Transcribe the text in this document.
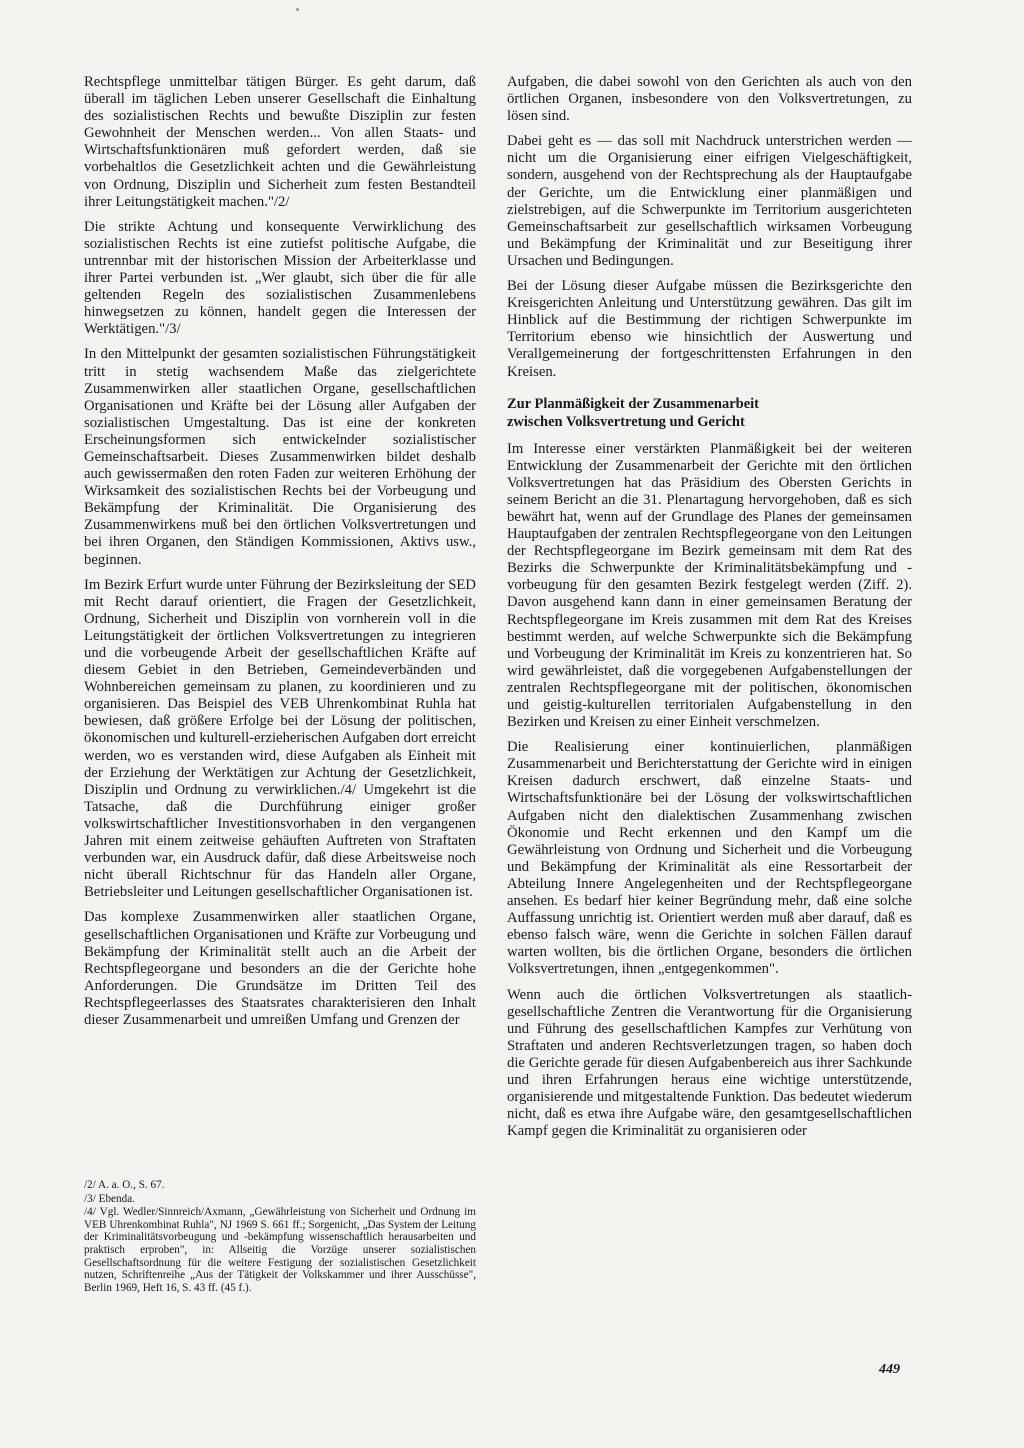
Rechtspflege unmittelbar tätigen Bürger. Es geht darum, daß überall im täglichen Leben unserer Gesellschaft die Einhaltung des sozialistischen Rechts und bewußte Disziplin zur festen Gewohnheit der Menschen werden... Von allen Staats- und Wirtschaftsfunktionären muß gefordert werden, daß sie vorbehaltlos die Gesetzlichkeit achten und die Gewährleistung von Ordnung, Disziplin und Sicherheit zum festen Bestandteil ihrer Leitungstätigkeit machen."/2/

Die strikte Achtung und konsequente Verwirklichung des sozialistischen Rechts ist eine zutiefst politische Aufgabe, die untrennbar mit der historischen Mission der Arbeiterklasse und ihrer Partei verbunden ist. „Wer glaubt, sich über die für alle geltenden Regeln des sozialistischen Zusammenlebens hinwegsetzen zu können, handelt gegen die Interessen der Werktätigen."/3/

In den Mittelpunkt der gesamten sozialistischen Führungstätigkeit tritt in stetig wachsendem Maße das zielgerichtete Zusammenwirken aller staatlichen Organe, gesellschaftlichen Organisationen und Kräfte bei der Lösung aller Aufgaben der sozialistischen Umgestaltung. Das ist eine der konkreten Erscheinungsformen sich entwickelnder sozialistischer Gemeinschaftsarbeit. Dieses Zusammenwirken bildet deshalb auch gewissermaßen den roten Faden zur weiteren Erhöhung der Wirksamkeit des sozialistischen Rechts bei der Vorbeugung und Bekämpfung der Kriminalität. Die Organisierung des Zusammenwirkens muß bei den örtlichen Volksvertretungen und bei ihren Organen, den Ständigen Kommissionen, Aktivs usw., beginnen.

Im Bezirk Erfurt wurde unter Führung der Bezirksleitung der SED mit Recht darauf orientiert, die Fragen der Gesetzlichkeit, Ordnung, Sicherheit und Disziplin von vornherein voll in die Leitungstätigkeit der örtlichen Volksvertretungen zu integrieren und die vorbeugende Arbeit der gesellschaftlichen Kräfte auf diesem Gebiet in den Betrieben, Gemeindeverbänden und Wohnbereichen gemeinsam zu planen, zu koordinieren und zu organisieren. Das Beispiel des VEB Uhrenkombinat Ruhla hat bewiesen, daß größere Erfolge bei der Lösung der politischen, ökonomischen und kulturell-erzieherischen Aufgaben dort erreicht werden, wo es verstanden wird, diese Aufgaben als Einheit mit der Erziehung der Werktätigen zur Achtung der Gesetzlichkeit, Disziplin und Ordnung zu verwirklichen./4/ Umgekehrt ist die Tatsache, daß die Durchführung einiger großer volkswirtschaftlicher Investitionsvorhaben in den vergangenen Jahren mit einem zeitweise gehäuften Auftreten von Straftaten verbunden war, ein Ausdruck dafür, daß diese Arbeitsweise noch nicht überall Richtschnur für das Handeln aller Organe, Betriebsleiter und Leitungen gesellschaftlicher Organisationen ist.

Das komplexe Zusammenwirken aller staatlichen Organe, gesellschaftlichen Organisationen und Kräfte zur Vorbeugung und Bekämpfung der Kriminalität stellt auch an die Arbeit der Rechtspflegeorgane und besonders an die der Gerichte hohe Anforderungen. Die Grundsätze im Dritten Teil des Rechtspflegeerlasses des Staatsrates charakterisieren den Inhalt dieser Zusammenarbeit und umreißen Umfang und Grenzen der

/2/ A. a. O., S. 67.

/3/ Ebenda.

/4/ Vgl. Wedler/Sinnreich/Axmann, „Gewährleistung von Sicherheit und Ordnung im VEB Uhrenkombinat Ruhla", NJ 1969 S. 661 ff.; Sorgenicht, „Das System der Leitung der Kriminalitätsvorbeugung und -bekämpfung wissenschaftlich herausarbeiten und praktisch erproben", in: Allseitig die Vorzüge unserer sozialistischen Gesellschaftsordnung für die weitere Festigung der sozialistischen Gesetzlichkeit nutzen, Schriftenreihe „Aus der Tätigkeit der Volkskammer und ihrer Ausschüsse", Berlin 1969, Heft 16, S. 43 ff. (45 f.).

Aufgaben, die dabei sowohl von den Gerichten als auch von den örtlichen Organen, insbesondere von den Volksvertretungen, zu lösen sind.

Dabei geht es — das soll mit Nachdruck unterstrichen werden — nicht um die Organisierung einer eifrigen Vielgeschäftigkeit, sondern, ausgehend von der Rechtsprechung als der Hauptaufgabe der Gerichte, um die Entwicklung einer planmäßigen und zielstrebigen, auf die Schwerpunkte im Territorium ausgerichteten Gemeinschaftsarbeit zur gesellschaftlich wirksamen Vorbeugung und Bekämpfung der Kriminalität und zur Beseitigung ihrer Ursachen und Bedingungen.

Bei der Lösung dieser Aufgabe müssen die Bezirksgerichte den Kreisgerichten Anleitung und Unterstützung gewähren. Das gilt im Hinblick auf die Bestimmung der richtigen Schwerpunkte im Territorium ebenso wie hinsichtlich der Auswertung und Verallgemeinerung der fortgeschrittensten Erfahrungen in den Kreisen.

Zur Planmäßigkeit der Zusammenarbeit
zwischen Volksvertretung und Gericht

Im Interesse einer verstärkten Planmäßigkeit bei der weiteren Entwicklung der Zusammenarbeit der Gerichte mit den örtlichen Volksvertretungen hat das Präsidium des Obersten Gerichts in seinem Bericht an die 31. Plenartagung hervorgehoben, daß es sich bewährt hat, wenn auf der Grundlage des Planes der gemeinsamen Hauptaufgaben der zentralen Rechtspflegeorgane von den Leitungen der Rechtspflegeorgane im Bezirk gemeinsam mit dem Rat des Bezirks die Schwerpunkte der Kriminalitätsbekämpfung und -vorbeugung für den gesamten Bezirk festgelegt werden (Ziff. 2). Davon ausgehend kann dann in einer gemeinsamen Beratung der Rechtspflegeorgane im Kreis zusammen mit dem Rat des Kreises bestimmt werden, auf welche Schwerpunkte sich die Bekämpfung und Vorbeugung der Kriminalität im Kreis zu konzentrieren hat. So wird gewährleistet, daß die vorgegebenen Aufgabenstellungen der zentralen Rechtspflegeorgane mit der politischen, ökonomischen und geistig-kulturellen territorialen Aufgabenstellung in den Bezirken und Kreisen zu einer Einheit verschmelzen.

Die Realisierung einer kontinuierlichen, planmäßigen Zusammenarbeit und Berichterstattung der Gerichte wird in einigen Kreisen dadurch erschwert, daß einzelne Staats- und Wirtschaftsfunktionäre bei der Lösung der volkswirtschaftlichen Aufgaben nicht den dialektischen Zusammenhang zwischen Ökonomie und Recht erkennen und den Kampf um die Gewährleistung von Ordnung und Sicherheit und die Vorbeugung und Bekämpfung der Kriminalität als eine Ressortarbeit der Abteilung Innere Angelegenheiten und der Rechtspflegeorgane ansehen. Es bedarf hier keiner Begründung mehr, daß eine solche Auffassung unrichtig ist. Orientiert werden muß aber darauf, daß es ebenso falsch wäre, wenn die Gerichte in solchen Fällen darauf warten wollten, bis die örtlichen Organe, besonders die örtlichen Volksvertretungen, ihnen „entgegenkommen".

Wenn auch die örtlichen Volksvertretungen als staatlich-gesellschaftliche Zentren die Verantwortung für die Organisierung und Führung des gesellschaftlichen Kampfes zur Verhütung von Straftaten und anderen Rechtsverletzungen tragen, so haben doch die Gerichte gerade für diesen Aufgabenbereich aus ihrer Sachkunde und ihren Erfahrungen heraus eine wichtige unterstützende, organisierende und mitgestaltende Funktion. Das bedeutet wiederum nicht, daß es etwa ihre Aufgabe wäre, den gesamtgesellschaftlichen Kampf gegen die Kriminalität zu organisieren oder

449
